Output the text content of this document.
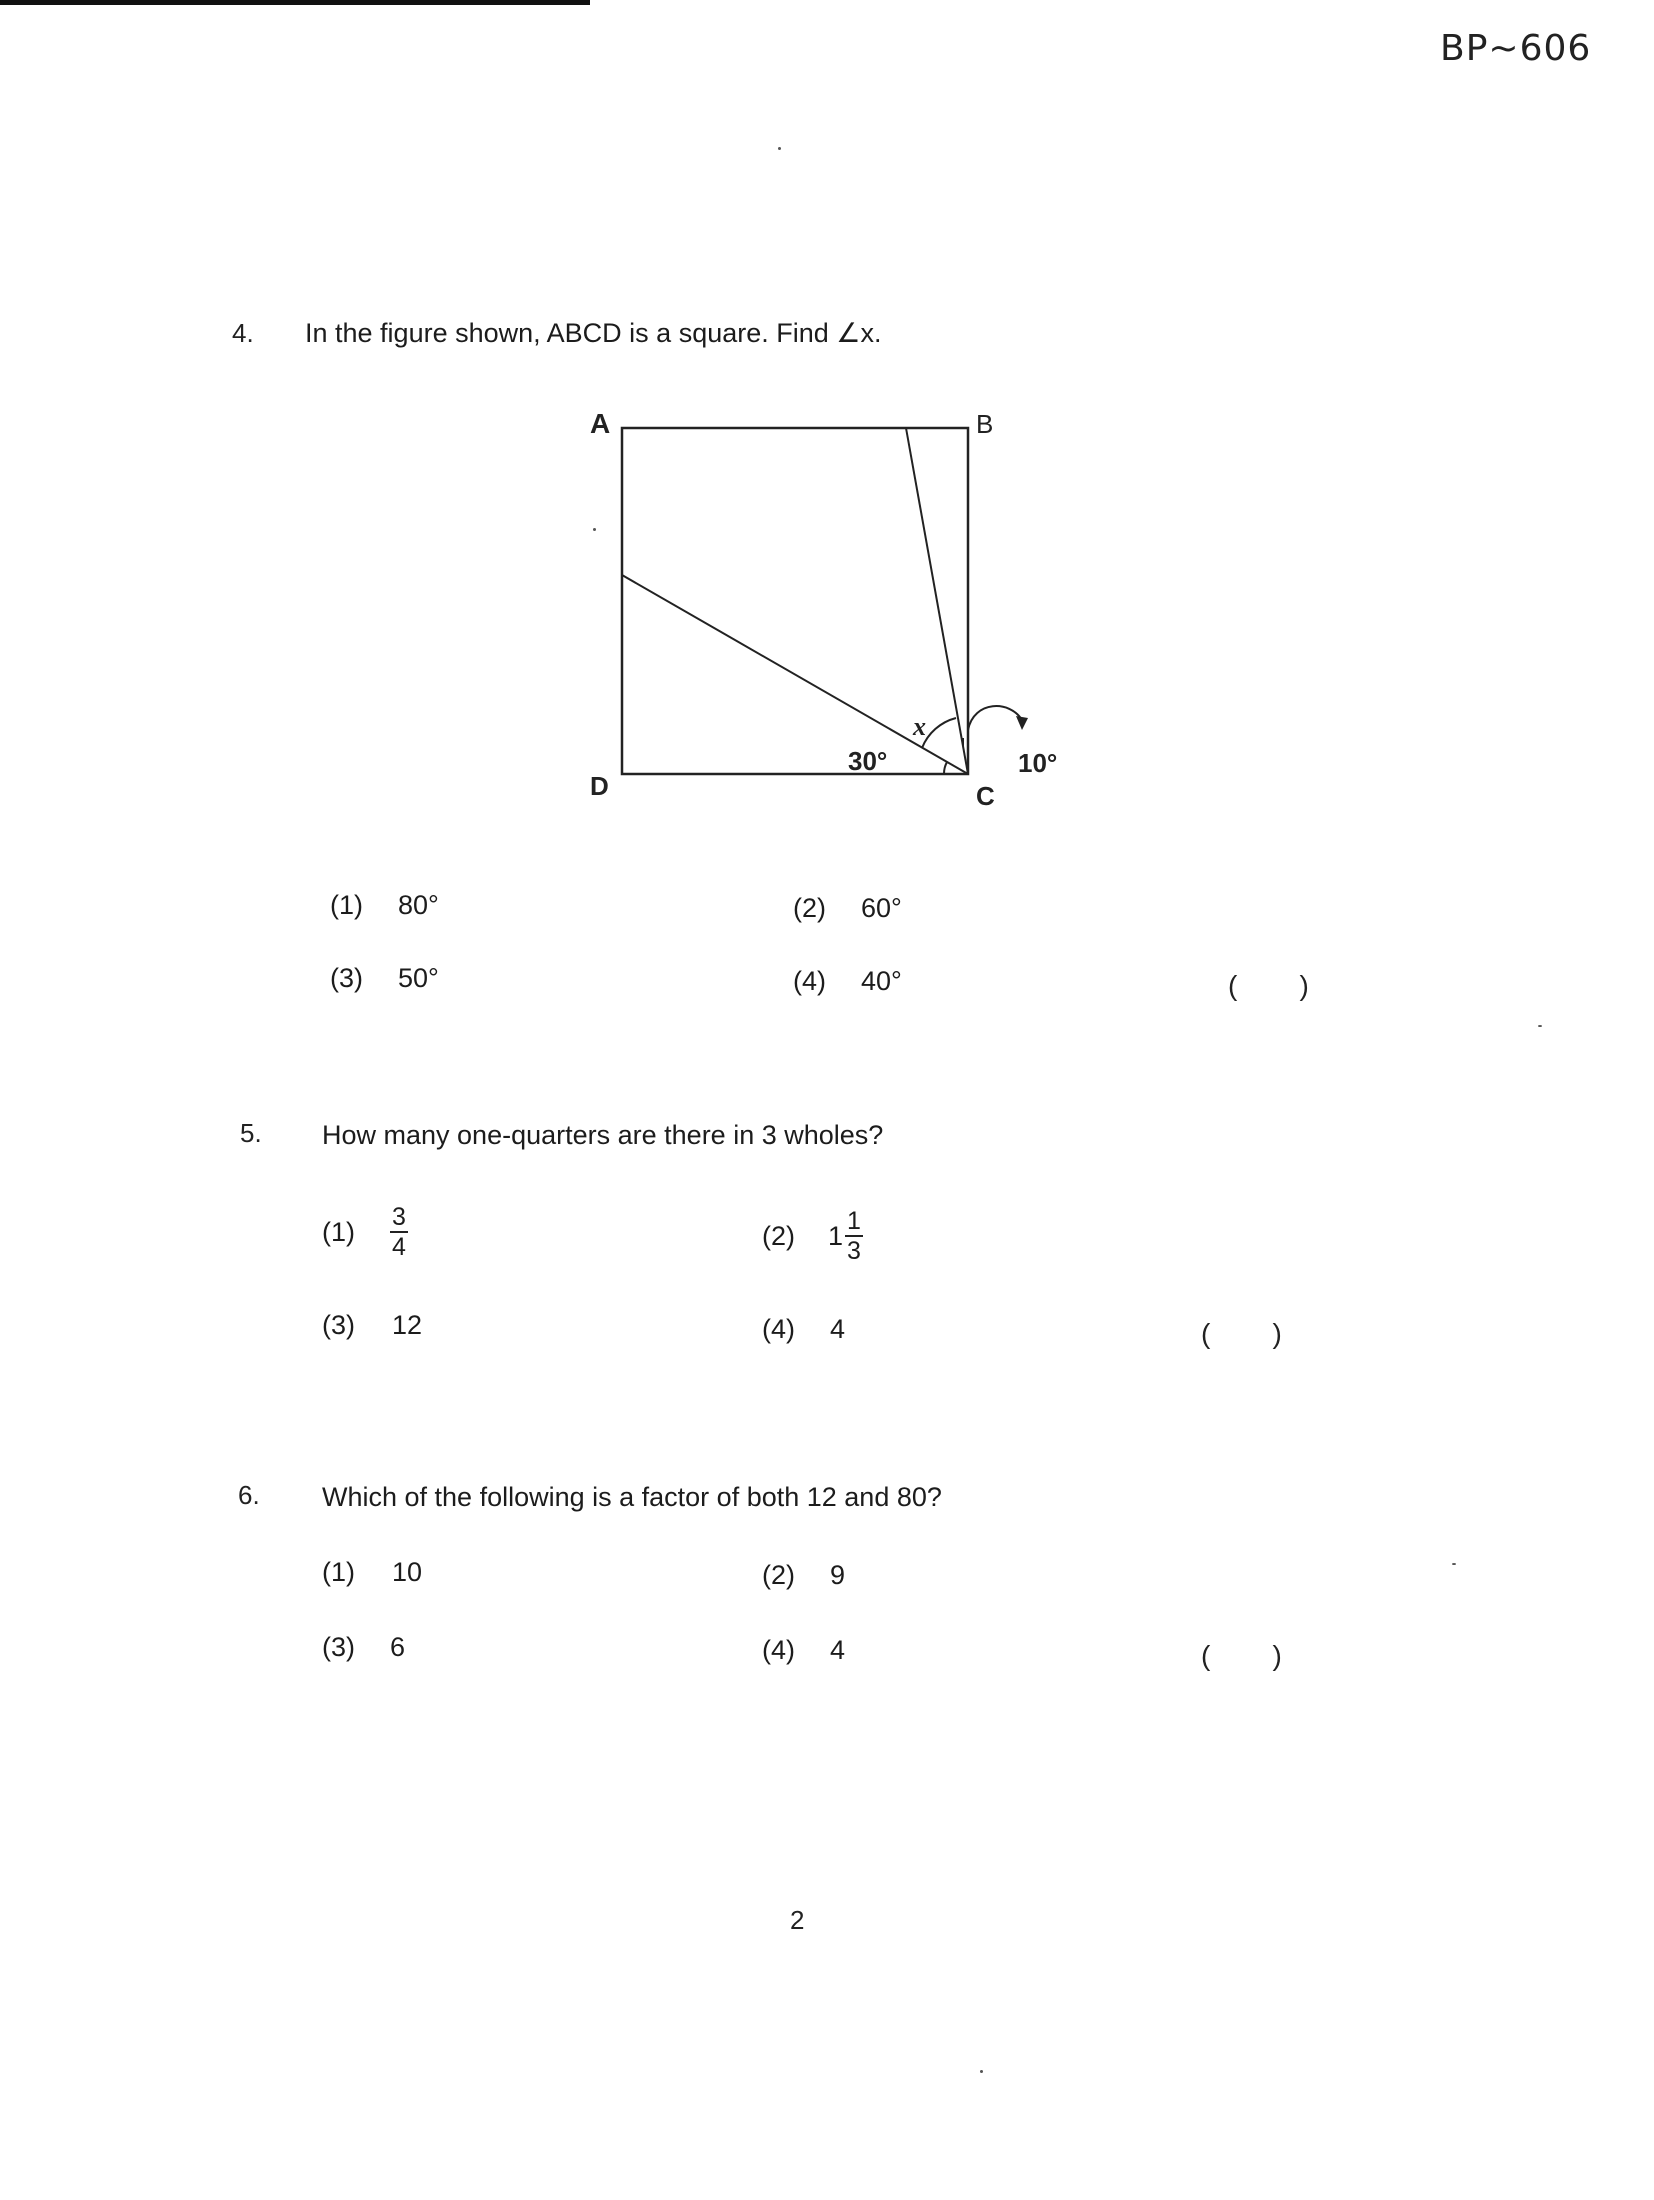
BP~606
4. In the figure shown, ABCD is a square. Find ∠x.
A	B
C
D
x
30°	10°
(1) 80°	(2) 60°
(3) 50°	(4) 40°	(        )
5. How many one-quarters are there in 3 wholes?
$(1) \frac{3}{4}$	(2) $1 \frac{1}{3}$
(3) 12	(4) 4	(        )
6. Which of the following is a factor of both 12 and 80?
(1) 10	(2) 9
(3) 6	(4) 4	(        )
2
